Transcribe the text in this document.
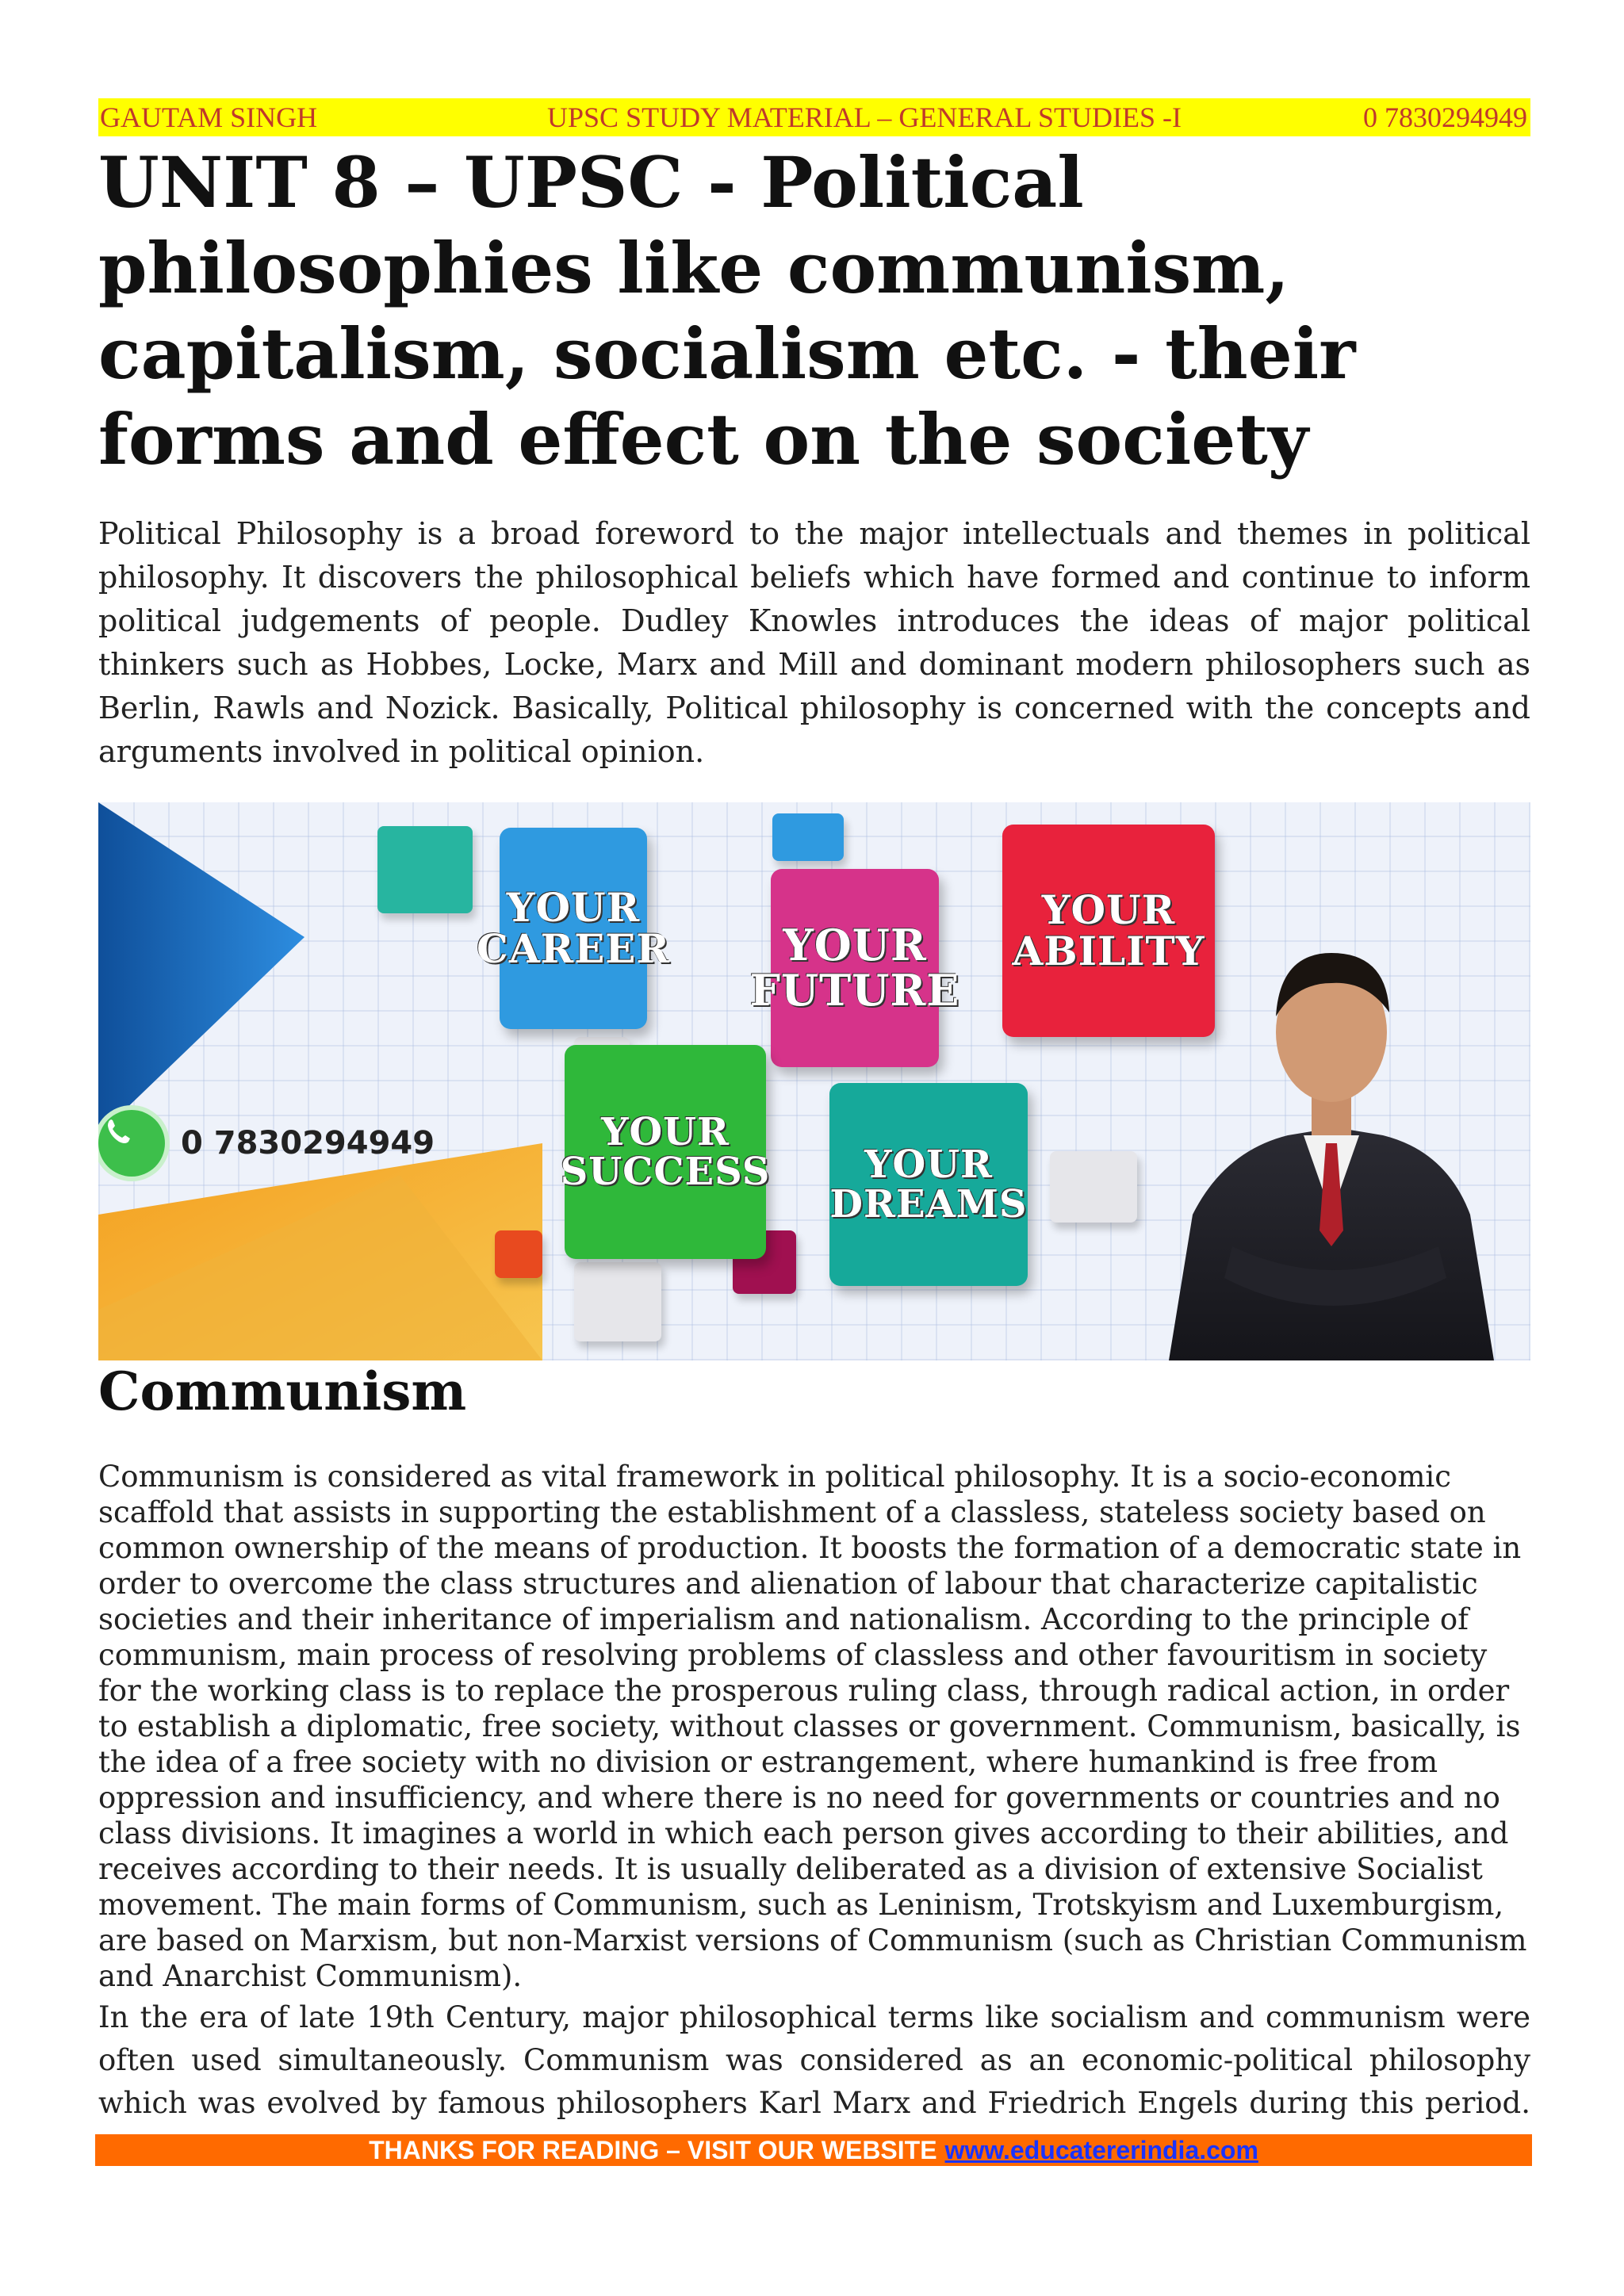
GAUTAM SINGH	UPSC STUDY MATERIAL – GENERAL STUDIES -I	0 7830294949
UNIT 8 – UPSC - Political philosophies like communism, capitalism, socialism etc. - their forms and effect on the society

Political Philosophy is a broad foreword to the major intellectuals and themes in political philosophy. It discovers the philosophical beliefs which have formed and continue to inform political judgements of people. Dudley Knowles introduces the ideas of major political thinkers such as Hobbes, Locke, Marx and Mill and dominant modern philosophers such as Berlin, Rawls and Nozick. Basically, Political philosophy is concerned with the concepts and arguments involved in political opinion.

YOUR CAREER	YOUR FUTURE
YOUR ABILITY
YOUR SUCCESS	YOUR DREAMS
0 7830294949
Communism

Communism is considered as vital framework in political philosophy. It is a socio-economic scaffold that assists in supporting the establishment of a classless, stateless society based on common ownership of the means of production. It boosts the formation of a democratic state in order to overcome the class structures and alienation of labour that characterize capitalistic societies and their inheritance of imperialism and nationalism. According to the principle of communism, main process of resolving problems of classless and other favouritism in society for the working class is to replace the prosperous ruling class, through radical action, in order to establish a diplomatic, free society, without classes or government. Communism, basically, is the idea of a free society with no division or estrangement, where humankind is free from oppression and insufficiency, and where there is no need for governments or countries and no class divisions. It imagines a world in which each person gives according to their abilities, and receives according to their needs. It is usually deliberated as a division of extensive Socialist movement. The main forms of Communism, such as Leninism, Trotskyism and Luxemburgism, are based on Marxism, but non-Marxist versions of Communism (such as Christian Communism and Anarchist Communism).

In the era of late 19th Century, major philosophical terms like socialism and communism were often used simultaneously. Communism was considered as an economic-political philosophy which was evolved by famous philosophers Karl Marx and Friedrich Engels during this period.

THANKS FOR READING – VISIT OUR WEBSITE www.educatererindia.com
